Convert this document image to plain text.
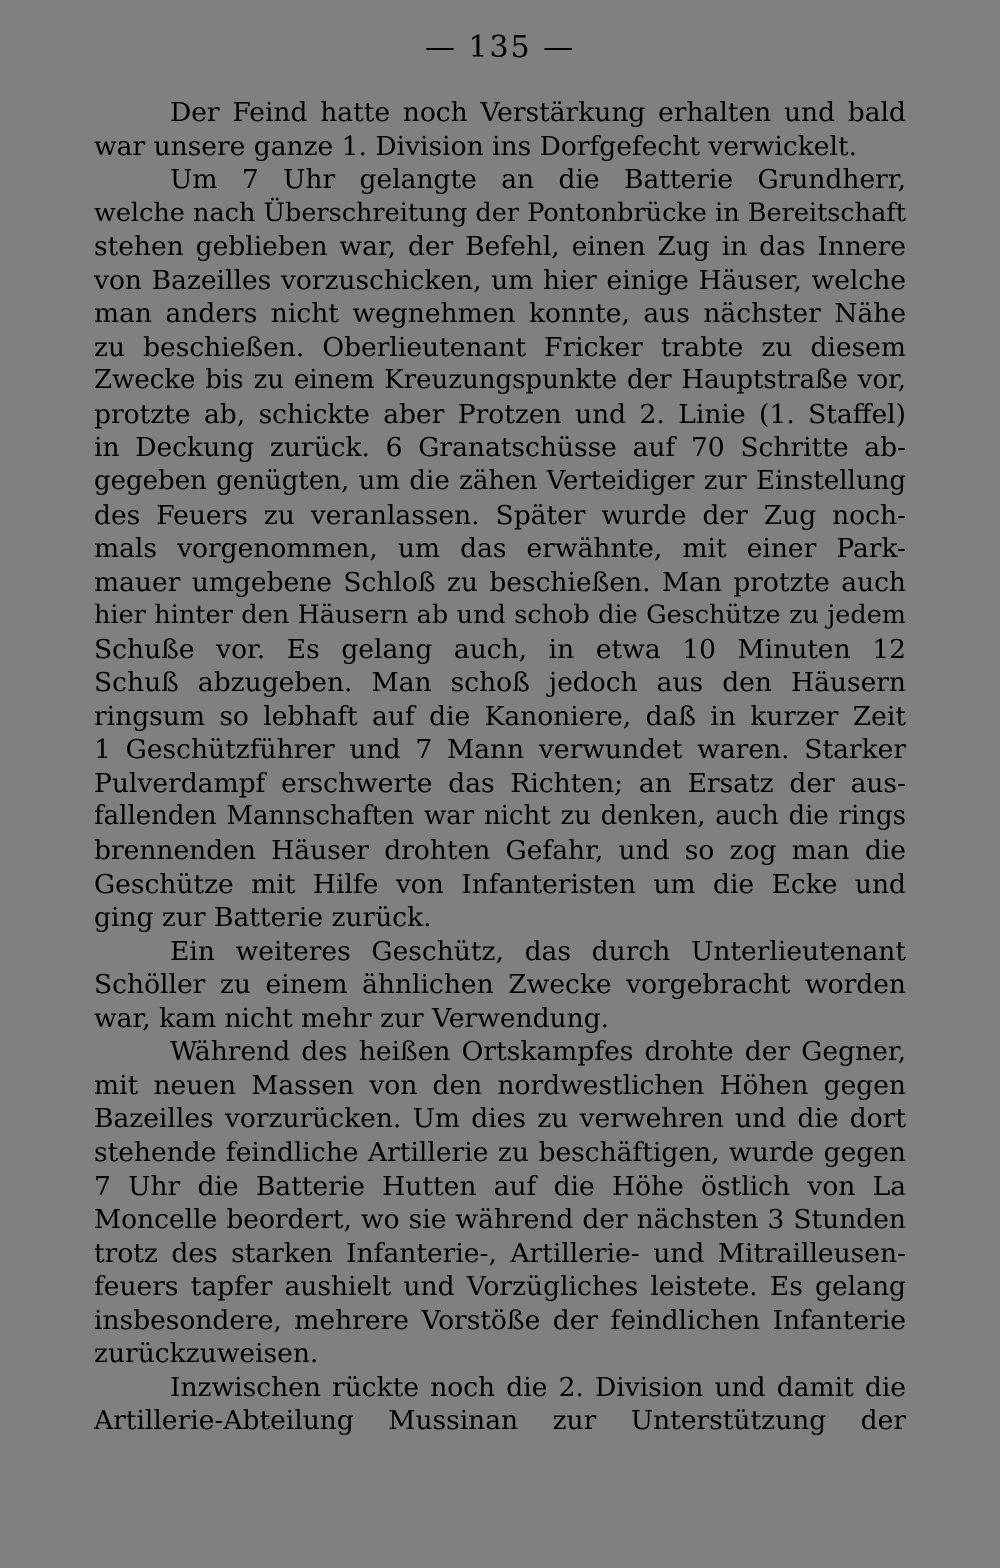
— 135 —
Der Feind hatte noch Verstärkung erhalten und bald
war unsere ganze 1. Division ins Dorfgefecht verwickelt.
Um 7 Uhr gelangte an die Batterie Grundherr,
welche nach Überschreitung der Pontonbrücke in Bereitschaft
stehen geblieben war, der Befehl, einen Zug in das Innere
von Bazeilles vorzuschicken, um hier einige Häuser, welche
man anders nicht wegnehmen konnte, aus nächster Nähe
zu beschießen. Oberlieutenant Fricker trabte zu diesem
Zwecke bis zu einem Kreuzungspunkte der Hauptstraße vor,
protzte ab, schickte aber Protzen und 2. Linie (1. Staffel)
in Deckung zurück. 6 Granatschüsse auf 70 Schritte ab-
gegeben genügten, um die zähen Verteidiger zur Einstellung
des Feuers zu veranlassen. Später wurde der Zug noch-
mals vorgenommen, um das erwähnte, mit einer Park-
mauer umgebene Schloß zu beschießen. Man protzte auch
hier hinter den Häusern ab und schob die Geschütze zu jedem
Schuße vor. Es gelang auch, in etwa 10 Minuten 12
Schuß abzugeben. Man schoß jedoch aus den Häusern
ringsum so lebhaft auf die Kanoniere, daß in kurzer Zeit
1 Geschützführer und 7 Mann verwundet waren. Starker
Pulverdampf erschwerte das Richten; an Ersatz der aus-
fallenden Mannschaften war nicht zu denken, auch die rings
brennenden Häuser drohten Gefahr, und so zog man die
Geschütze mit Hilfe von Infanteristen um die Ecke und
ging zur Batterie zurück.
Ein weiteres Geschütz, das durch Unterlieutenant
Schöller zu einem ähnlichen Zwecke vorgebracht worden
war, kam nicht mehr zur Verwendung.
Während des heißen Ortskampfes drohte der Gegner,
mit neuen Massen von den nordwestlichen Höhen gegen
Bazeilles vorzurücken. Um dies zu verwehren und die dort
stehende feindliche Artillerie zu beschäftigen, wurde gegen
7 Uhr die Batterie Hutten auf die Höhe östlich von La
Moncelle beordert, wo sie während der nächsten 3 Stunden
trotz des starken Infanterie-, Artillerie- und Mitrailleusen-
feuers tapfer aushielt und Vorzügliches leistete. Es gelang
insbesondere, mehrere Vorstöße der feindlichen Infanterie
zurückzuweisen.
Inzwischen rückte noch die 2. Division und damit die
Artillerie-Abteilung Mussinan zur Unterstützung der
